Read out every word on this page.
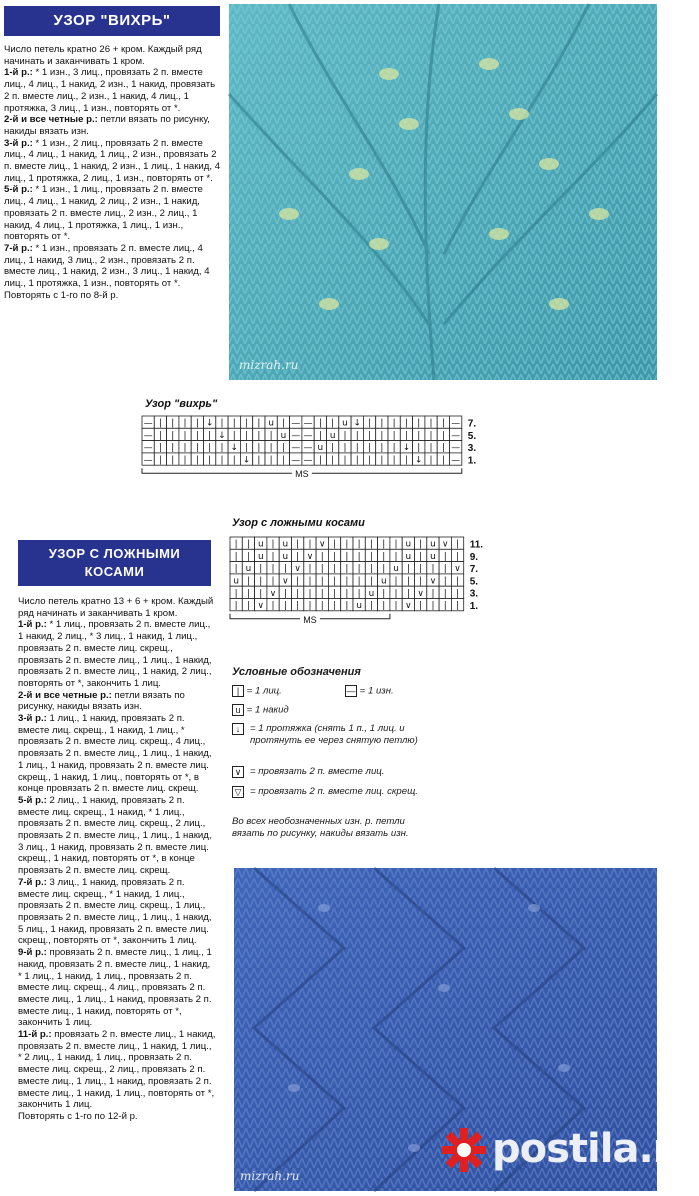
УЗОР "ВИХРЬ"

Число петель кратно 26 + кром. Каждый ряд начинать и заканчивать 1 кром.

1-й р.: * 1 изн., 3 лиц., провязать 2 п. вместе лиц., 4 лиц., 1 накид, 2 изн., 1 накид, провязать 2 п. вместе лиц., 2 изн., 1 накид, 4 лиц., 1 протяжка, 3 лиц., 1 изн., повторять от *.

2-й и все четные р.: петли вязать по рисунку, накиды вязать изн.

3-й р.: * 1 изн., 2 лиц., провязать 2 п. вместе лиц., 4 лиц., 1 накид, 1 лиц., 2 изн., провязать 2 п. вместе лиц., 1 накид, 2 изн., 1 лиц., 1 накид, 4 лиц., 1 протяжка, 2 лиц., 1 изн., повторять от *.

5-й р.: * 1 изн., 1 лиц., провязать 2 п. вместе лиц., 4 лиц., 1 накид, 2 лиц., 2 изн., 1 накид, провязать 2 п. вместе лиц., 2 изн., 2 лиц., 1 накид, 4 лиц., 1 протяжка, 1 лиц., 1 изн., повторять от *.

7-й р.: * 1 изн., провязать 2 п. вместе лиц., 4 лиц., 1 накид, 3 лиц., 2 изн., провязать 2 п. вместе лиц., 1 накид, 2 изн., 3 лиц., 1 накид, 4 лиц., 1 протяжка, 1 изн., повторять от *.

Повторять с 1-го по 8-й р.

mizrah.ru
Узор "вихрь"
— | | | | ↓ | | | | u | — — | | u ↓ | | | | | | | —
— | | | | | ↓ | | | | u — — | u | | | | | | | | | —
— | | | | | | ↓ | | | | — — u | | | | | | ↓ | | | —
— | | | | | | | ↓ | | | — — | | | | | | | | ↓ | | —
7.
5.
3.
1.
MS
УЗОР С ЛОЖНЫМИ
КОСАМИ

Число петель кратно 13 + 6 + кром. Каждый ряд начинать и заканчивать 1 кром.

1-й р.: * 1 лиц., провязать 2 п. вместе лиц., 1 накид, 2 лиц., * 3 лиц., 1 накид, 1 лиц., провязать 2 п. вместе лиц. скрещ., провязать 2 п. вместе лиц., 1 лиц., 1 накид, провязать 2 п. вместе лиц., 1 накид, 2 лиц., повторять от *, закончить 1 лиц.

2-й и все четные р.: петли вязать по рисунку, накиды вязать изн.

3-й р.: 1 лиц., 1 накид, провязать 2 п. вместе лиц. скрещ., 1 накид, 1 лиц., * провязать 2 п. вместе лиц. скрещ., 4 лиц., провязать 2 п. вместе лиц., 1 лиц., 1 накид, 1 лиц., 1 накид, провязать 2 п. вместе лиц. скрещ., 1 накид, 1 лиц., повторять от *, в конце провязать 2 п. вместе лиц. скрещ.

5-й р.: 2 лиц., 1 накид, провязать 2 п. вместе лиц. скрещ., 1 накид, * 1 лиц., провязать 2 п. вместе лиц. скрещ., 2 лиц., провязать 2 п. вместе лиц., 1 лиц., 1 накид, 3 лиц., 1 накид, провязать 2 п. вместе лиц. скрещ., 1 накид, повторять от *, в конце провязать 2 п. вместе лиц. скрещ.

7-й р.: 3 лиц., 1 накид, провязать 2 п. вместе лиц. скрещ., * 1 накид, 1 лиц., провязать 2 п. вместе лиц. скрещ., 1 лиц., провязать 2 п. вместе лиц., 1 лиц., 1 накид, 5 лиц., 1 накид, провязать 2 п. вместе лиц. скрещ., повторять от *, закончить 1 лиц.

9-й р.: провязать 2 п. вместе лиц., 1 лиц., 1 накид, провязать 2 п. вместе лиц., 1 накид, * 1 лиц., 1 накид, 1 лиц., провязать 2 п. вместе лиц. скрещ., 4 лиц., провязать 2 п. вместе лиц., 1 лиц., 1 накид, провязать 2 п. вместе лиц., 1 накид, повторять от *, закончить 1 лиц.

11-й р.: провязать 2 п. вместе лиц., 1 накид, провязать 2 п. вместе лиц., 1 накид, 1 лиц., * 2 лиц., 1 накид, 1 лиц., провязать 2 п. вместе лиц. скрещ., 2 лиц., провязать 2 п. вместе лиц., 1 лиц., 1 накид, провязать 2 п. вместе лиц., 1 накид, 1 лиц., повторять от *, закончить 1 лиц.

Повторять с 1-го по 12-й р.

Узор с ложными косами
| | u | u | | ∨ | | | | | | u | u ∨ |
| | u | u | ∨ | | | | | | | u | u | |
| u | | | ∨ | | | | | | | u | | | | ∨
u | | | ∨ | | | | | | | u | | | ∨ | |
| | | ∨ | | | | | | | u | | | ∨ | | |
| | ∨ | | | | | | | u | | | ∨ | | | |
11.
9.
7.
5.
3.
1.
MS
Условные обозначения
| = 1 лиц.	— = 1 изн.
u = 1 накид
↓	= 1 протяжка (снять 1 п., 1 лиц. и протянуть ее через снятую петлю)
∨ = провязать 2 п. вместе лиц.
▽ = провязать 2 п. вместе лиц. скрещ.
Во всех необозначенных изн. р. петли вязать по рисунку, накиды вязать изн.
mizrah.ru
postila.ru
